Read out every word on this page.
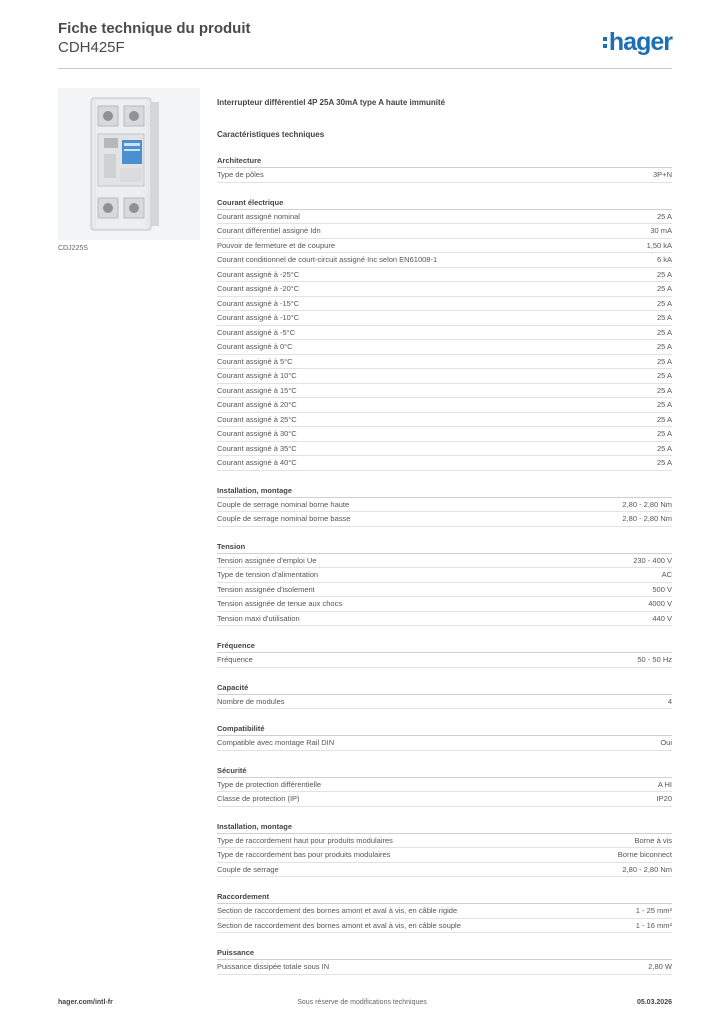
Fiche technique du produit
CDH425F	hager
CDJ225S
Interrupteur différentiel 4P 25A 30mA type A haute immunité
Caractéristiques techniques
Architecture
Type de pôles	3P+N
Courant électrique
Courant assigné nominal	25 A
Courant différentiel assigné Idn	30 mA
Pouvoir de fermeture et de coupure	1,50 kA
Courant conditionnel de court-circuit assigné Inc selon EN61008-1	6 kA
Courant assigné à -25°C	25 A
Courant assigné à -20°C	25 A
Courant assigné à -15°C	25 A
Courant assigné à -10°C	25 A
Courant assigné à -5°C	25 A
Courant assigné à 0°C	25 A
Courant assigné à 5°C	25 A
Courant assigné à 10°C	25 A
Courant assigné à 15°C	25 A
Courant assigné à 20°C	25 A
Courant assigné à 25°C	25 A
Courant assigné à 30°C	25 A
Courant assigné à 35°C	25 A
Courant assigné à 40°C	25 A
Installation, montage
Couple de serrage nominal borne haute	2,80 - 2,80 Nm
Couple de serrage nominal borne basse	2,80 - 2,80 Nm
Tension
Tension assignée d'emploi Ue	230 - 400 V
Type de tension d'alimentation	AC
Tension assignée d'isolement	500 V
Tension assignée de tenue aux chocs	4000 V
Tension maxi d'utilisation	440 V
Fréquence
Fréquence	50 - 50 Hz
Capacité
Nombre de modules	4
Compatibilité
Compatible avec montage Rail DIN	Oui
Sécurité
Type de protection différentielle	A HI
Classe de protection (IP)	IP20
Installation, montage
Type de raccordement haut pour produits modulaires	Borne à vis
Type de raccordement bas pour produits modulaires	Borne biconnect
Couple de serrage	2,80 - 2,80 Nm
Raccordement
Section de raccordement des bornes amont et aval à vis, en câble rigide	1 - 25 mm²
Section de raccordement des bornes amont et aval à vis, en câble souple	1 - 16 mm²
Puissance
Puissance dissipée totale sous IN	2,80 W
hager.com/intl-fr	Sous réserve de modifications techniques	05.03.2026
